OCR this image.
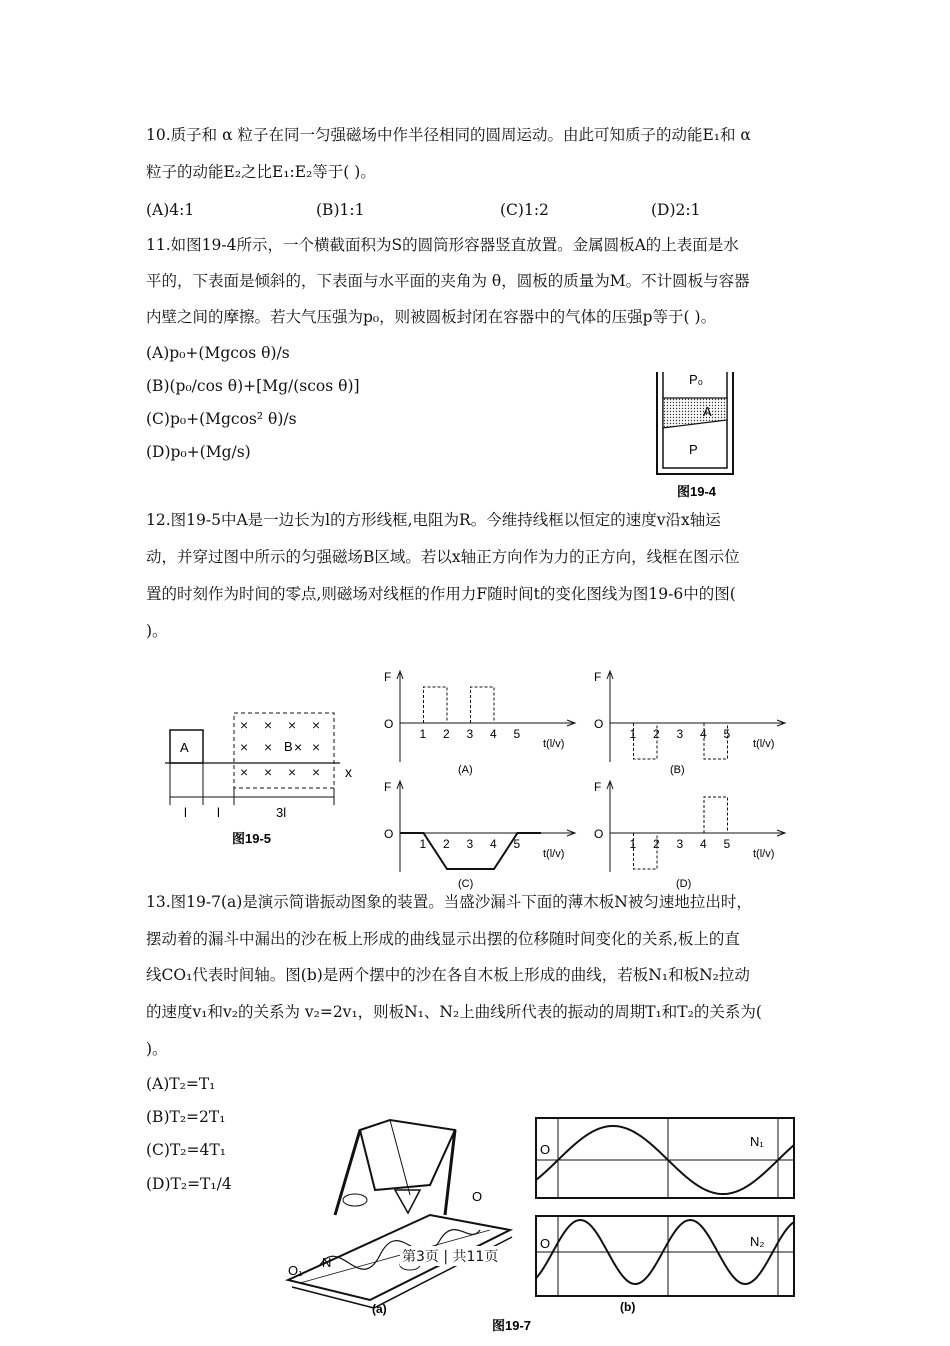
10.质子和 α 粒子在同一匀强磁场中作半径相同的圆周运动。由此可知质子的动能E₁和 α
粒子的动能E₂之比E₁:E₂等于( )。
(A)4:1	(B)1:1	(C)1:2	(D)2:1
11.如图19-4所示，一个横截面积为S的圆筒形容器竖直放置。金属圆板A的上表面是水
平的，下表面是倾斜的，下表面与水平面的夹角为 θ，圆板的质量为M。不计圆板与容器
内壁之间的摩擦。若大气压强为p₀，则被圆板封闭在容器中的气体的压强p等于( )。
(A)p₀+(Mgcos θ)/s
(B)(p₀/cos θ)+[Mg/(scos θ)]
(C)p₀+(Mgcos² θ)/s
(D)p₀+(Mg/s)
P₀
A
P
图19-4
12.图19-5中A是一边长为l的方形线框,电阻为R。今维持线框以恒定的速度v沿x轴运
动，并穿过图中所示的匀强磁场B区域。若以x轴正方向作为力的正方向，线框在图示位
置的时刻作为时间的零点,则磁场对线框的作用力F随时间t的变化图线为图19-6中的图(
)。
A
× × × ×
× ×	×
× × × ×
B ×
x
l l	3l
图19-5
F
O
t(l/v)
1 2 3 4 5
(A)
F
O
t(l/v)
1 2 3 4 5
(B)
F
O
t(l/v)
1 2 3 4 5
(C)
F
O
t(l/v)
1 2 3 4 5
(D)
13.图19-7(a)是演示简谐振动图象的装置。当盛沙漏斗下面的薄木板N被匀速地拉出时，
摆动着的漏斗中漏出的沙在板上形成的曲线显示出摆的位移随时间变化的关系,板上的直
线CO₁代表时间轴。图(b)是两个摆中的沙在各自木板上形成的曲线，若板N₁和板N₂拉动
的速度v₁和v₂的关系为 v₂=2v₁，则板N₁、N₂上曲线所代表的振动的周期T₁和T₂的关系为(
)。
(A)T₂=T₁
(B)T₂=2T₁
(C)T₂=4T₁
(D)T₂=T₁/4
O
O₁
N
(a)
O
N₁
O	N₂
(b)
图19-7
第3页 | 共11页
